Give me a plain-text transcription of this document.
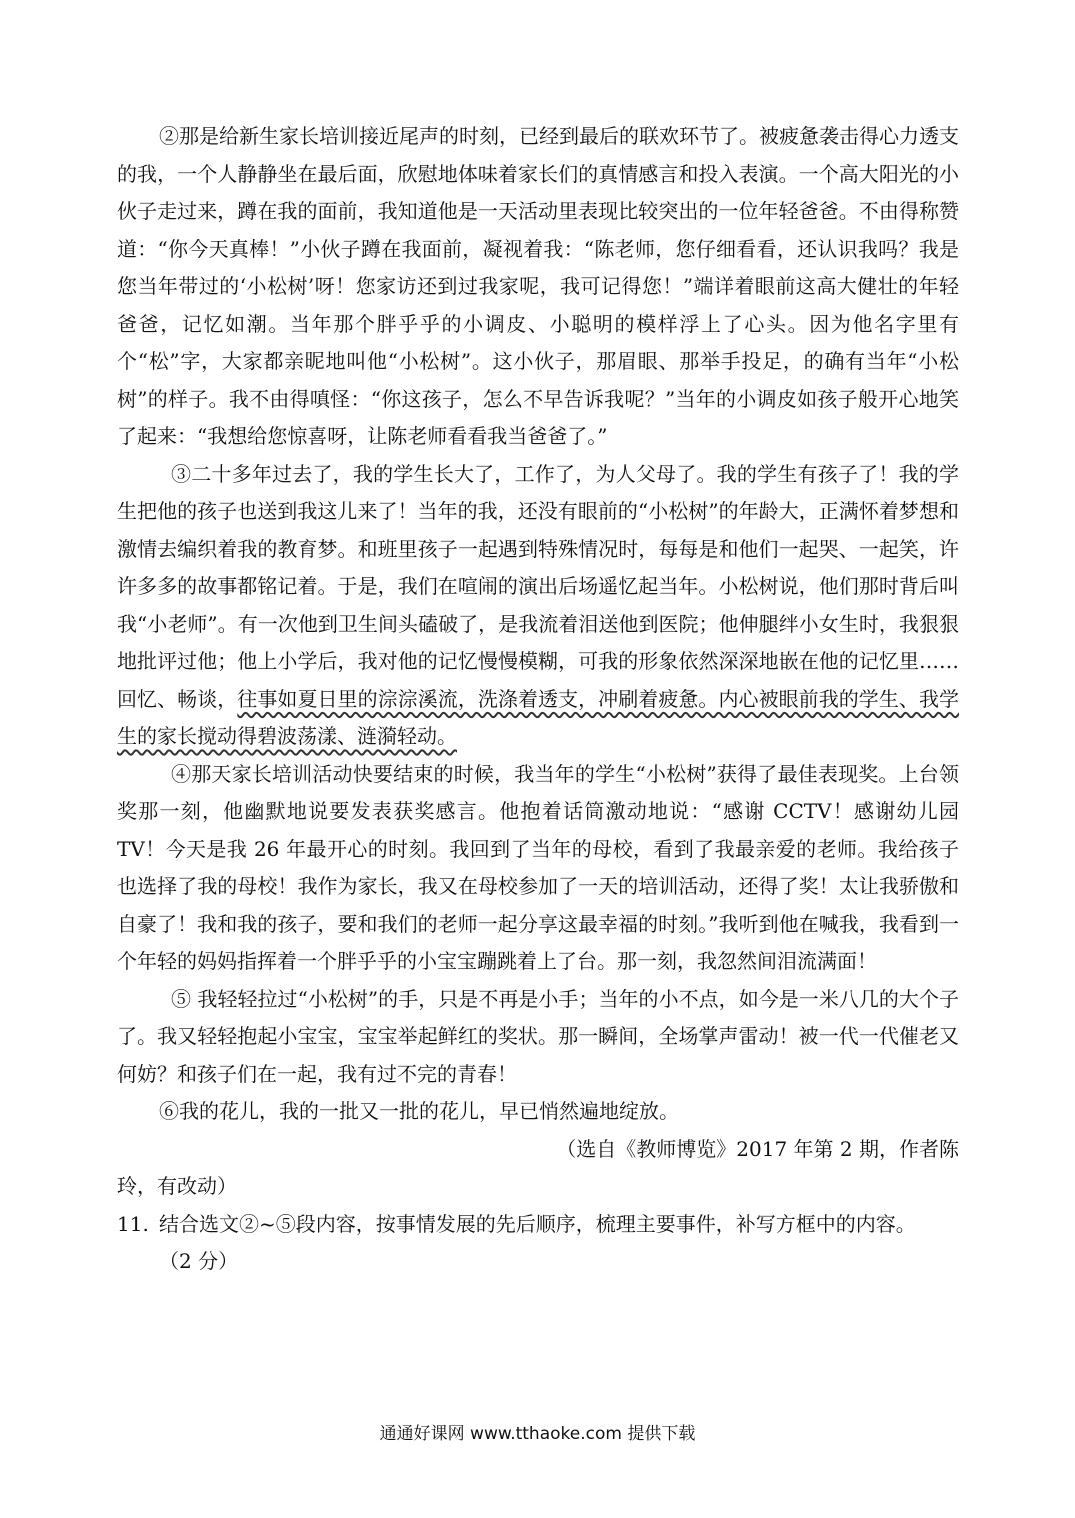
②那是给新生家长培训接近尾声的时刻，已经到最后的联欢环节了。被疲惫袭击得心力透支的我，一个人静静坐在最后面，欣慰地体味着家长们的真情感言和投入表演。一个高大阳光的小伙子走过来，蹲在我的面前，我知道他是一天活动里表现比较突出的一位年轻爸爸。不由得称赞道：“你今天真棒！”小伙子蹲在我面前，凝视着我：“陈老师，您仔细看看，还认识我吗？我是您当年带过的‘小松树’呀！您家访还到过我家呢，我可记得您！”端详着眼前这高大健壮的年轻爸爸，记忆如潮。当年那个胖乎乎的小调皮、小聪明的模样浮上了心头。因为他名字里有个“松”字，大家都亲昵地叫他“小松树”。这小伙子，那眉眼、那举手投足，的确有当年“小松树”的样子。我不由得嗔怪：“你这孩子，怎么不早告诉我呢？”当年的小调皮如孩子般开心地笑了起来：“我想给您惊喜呀，让陈老师看看我当爸爸了。”

③二十多年过去了，我的学生长大了，工作了，为人父母了。我的学生有孩子了！我的学生把他的孩子也送到我这儿来了！当年的我，还没有眼前的“小松树”的年龄大，正满怀着梦想和激情去编织着我的教育梦。和班里孩子一起遇到特殊情况时，每每是和他们一起哭、一起笑，许许多多的故事都铭记着。于是，我们在喧闹的演出后场遥忆起当年。小松树说，他们那时背后叫我“小老师”。有一次他到卫生间头磕破了，是我流着泪送他到医院；他伸腿绊小女生时，我狠狠地批评过他；他上小学后，我对他的记忆慢慢模糊，可我的形象依然深深地嵌在他的记忆里……回忆、畅谈，往事如夏日里的淙淙溪流，洗涤着透支，冲刷着疲惫。内心被眼前我的学生、我学生的家长搅动得碧波荡漾、涟漪轻动。

④那天家长培训活动快要结束的时候，我当年的学生“小松树”获得了最佳表现奖。上台领奖那一刻，他幽默地说要发表获奖感言。他抱着话筒激动地说：“感谢 CCTV！感谢幼儿园 TV！今天是我 26 年最开心的时刻。我回到了当年的母校，看到了我最亲爱的老师。我给孩子也选择了我的母校！我作为家长，我又在母校参加了一天的培训活动，还得了奖！太让我骄傲和自豪了！我和我的孩子，要和我们的老师一起分享这最幸福的时刻。”我听到他在喊我，我看到一个年轻的妈妈指挥着一个胖乎乎的小宝宝蹦跳着上了台。那一刻，我忽然间泪流满面！

⑤ 我轻轻拉过“小松树”的手，只是不再是小手；当年的小不点，如今是一米八几的大个子了。我又轻轻抱起小宝宝，宝宝举起鲜红的奖状。那一瞬间，全场掌声雷动！被一代一代催老又何妨？和孩子们在一起，我有过不完的青春！

⑥我的花儿，我的一批又一批的花儿，早已悄然遍地绽放。

（选自《教师博览》2017 年第 2 期，作者陈

玲，有改动）

11. 结合选文②~⑤段内容，按事情发展的先后顺序，梳理主要事件，补写方框中的内容。
（2 分）
通通好课网 www.tthaoke.com 提供下载
